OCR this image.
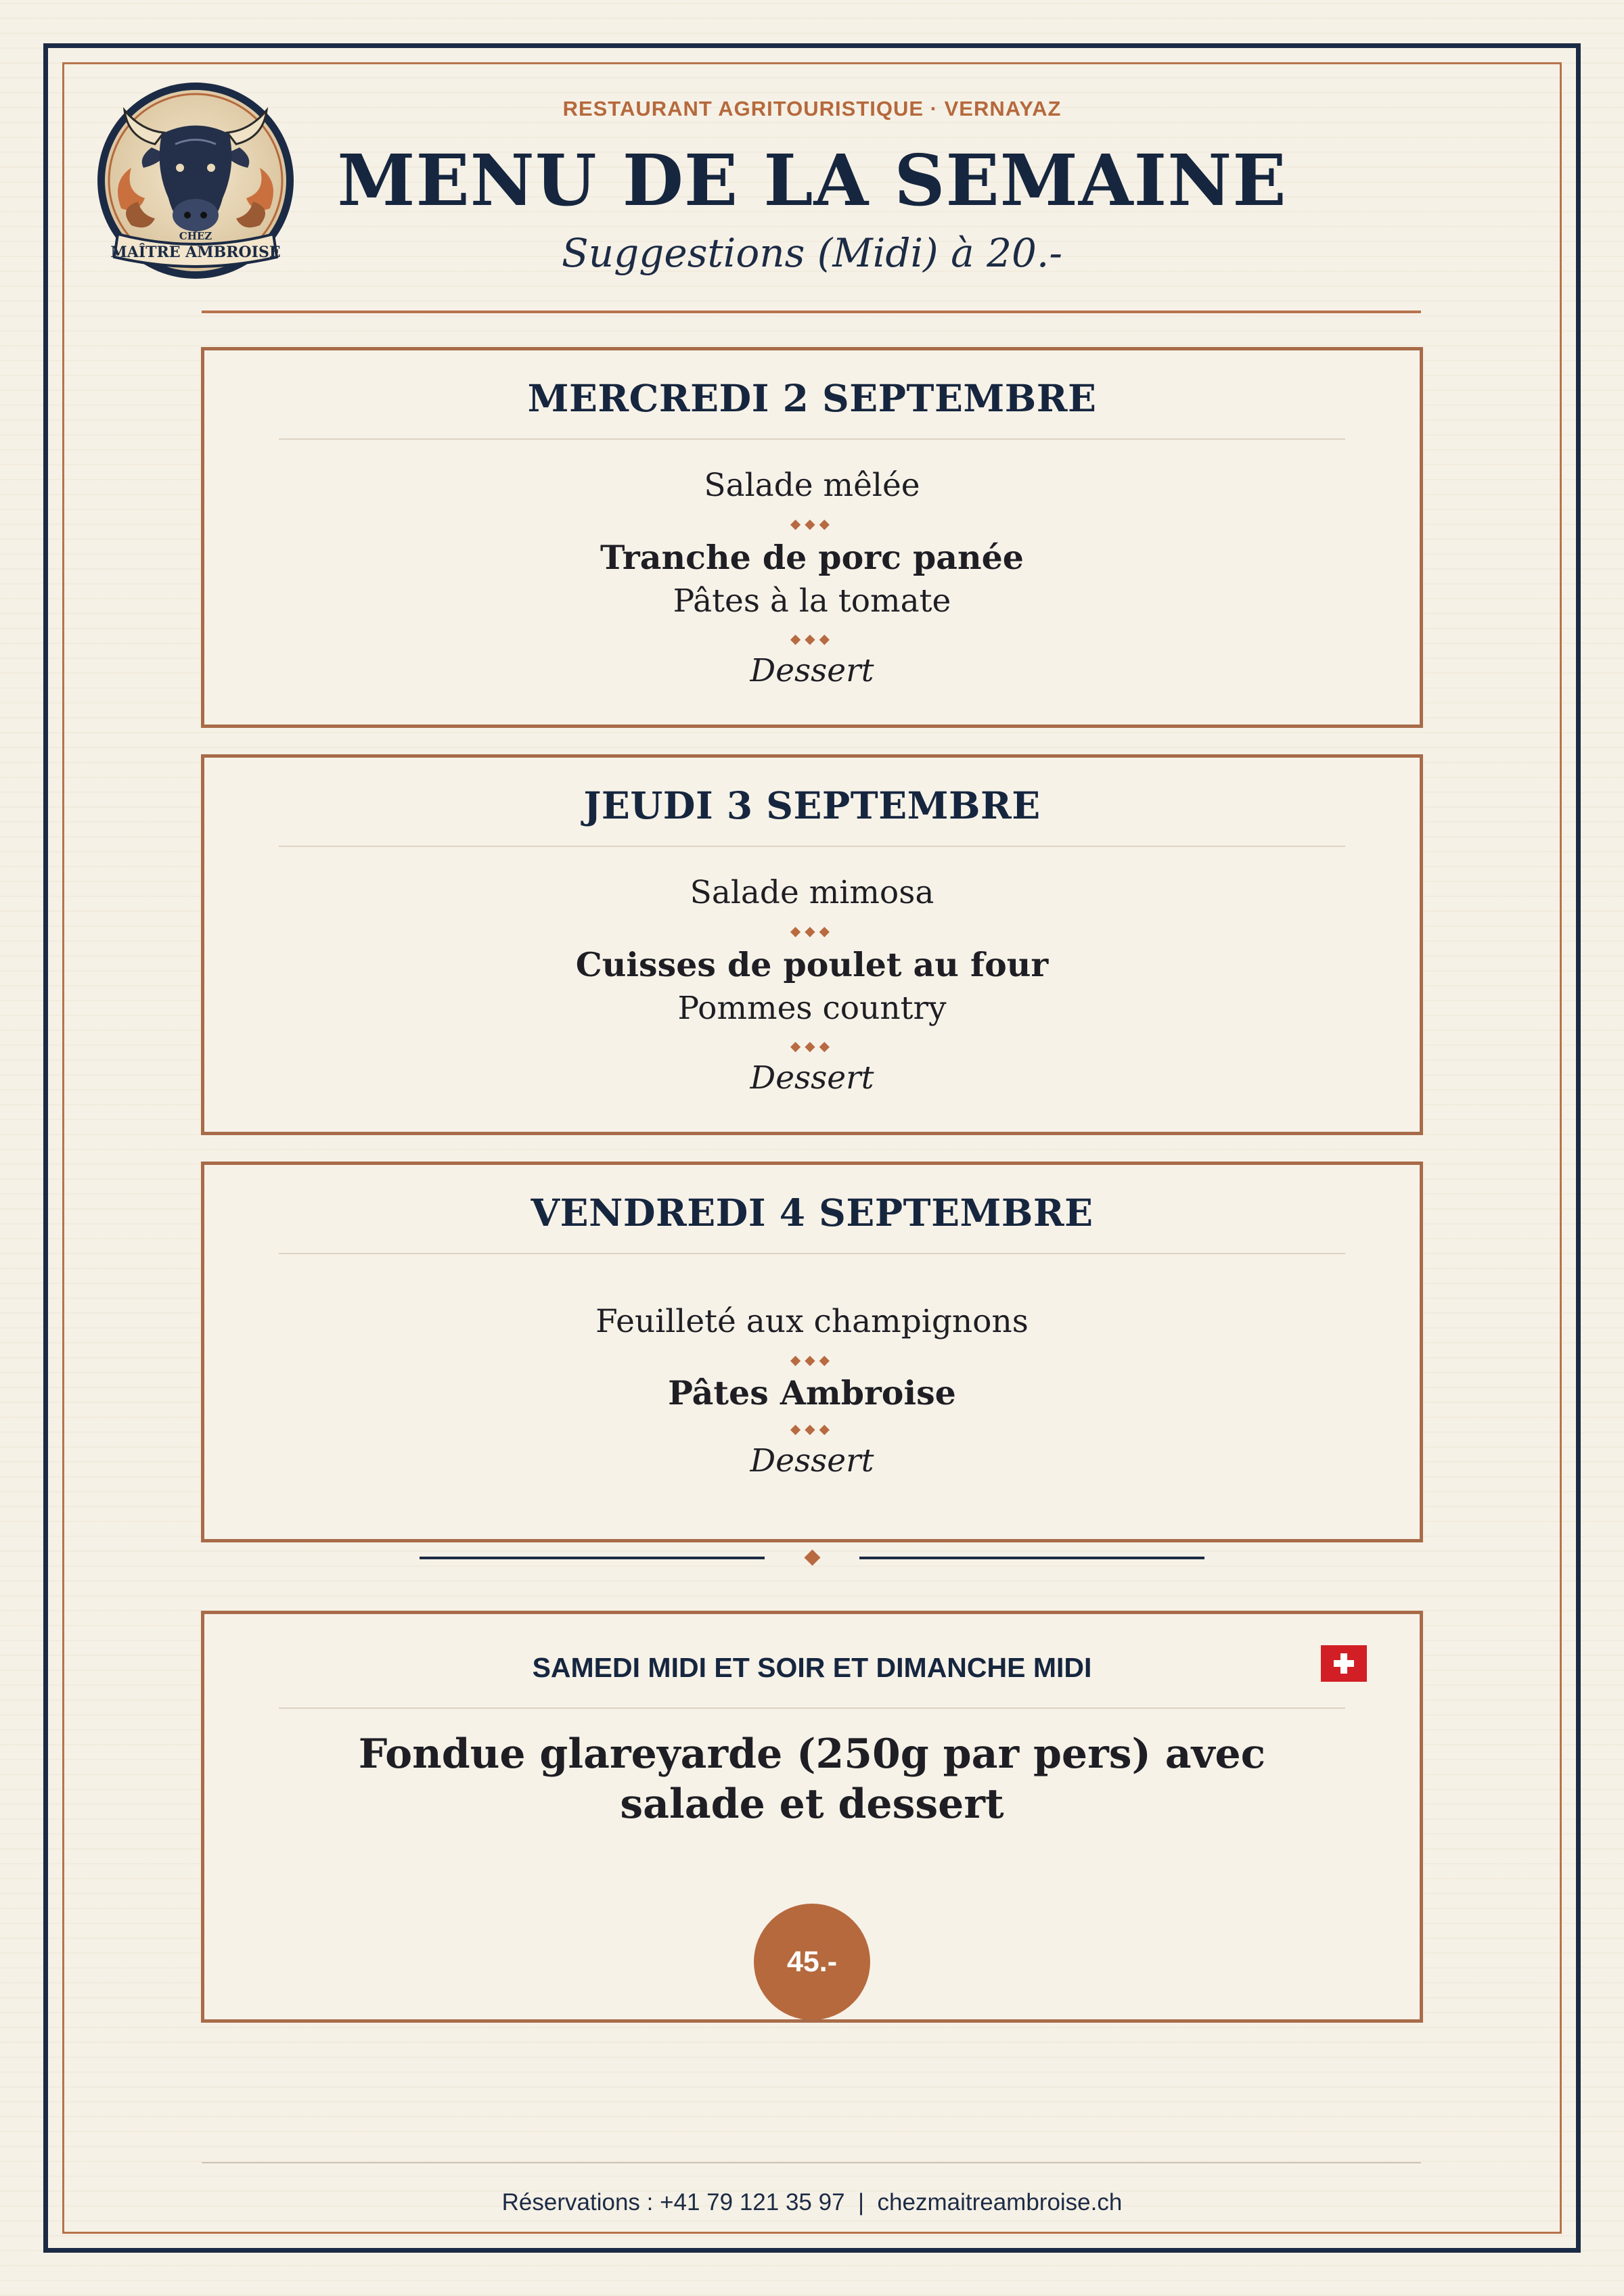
CHEZ
MAÎTRE AMBROISE
RESTAURANT AGRITOURISTIQUE · VERNAYAZ
MENU DE LA SEMAINE
Suggestions (Midi) à 20.-
MERCREDI 2 SEPTEMBRE
Salade mêlée
◆◆◆
Tranche de porc panée
Pâtes à la tomate
◆◆◆
Dessert
JEUDI 3 SEPTEMBRE
Salade mimosa
◆◆◆
Cuisses de poulet au four
Pommes country
◆◆◆
Dessert
VENDREDI 4 SEPTEMBRE
Feuilleté aux champignons
◆◆◆
Pâtes Ambroise
◆◆◆
Dessert
SAMEDI MIDI ET SOIR ET DIMANCHE MIDI
Fondue glareyarde (250g par pers) avec salade et dessert
45.-
Réservations : +41 79 121 35 97  |  chezmaitreambroise.ch
